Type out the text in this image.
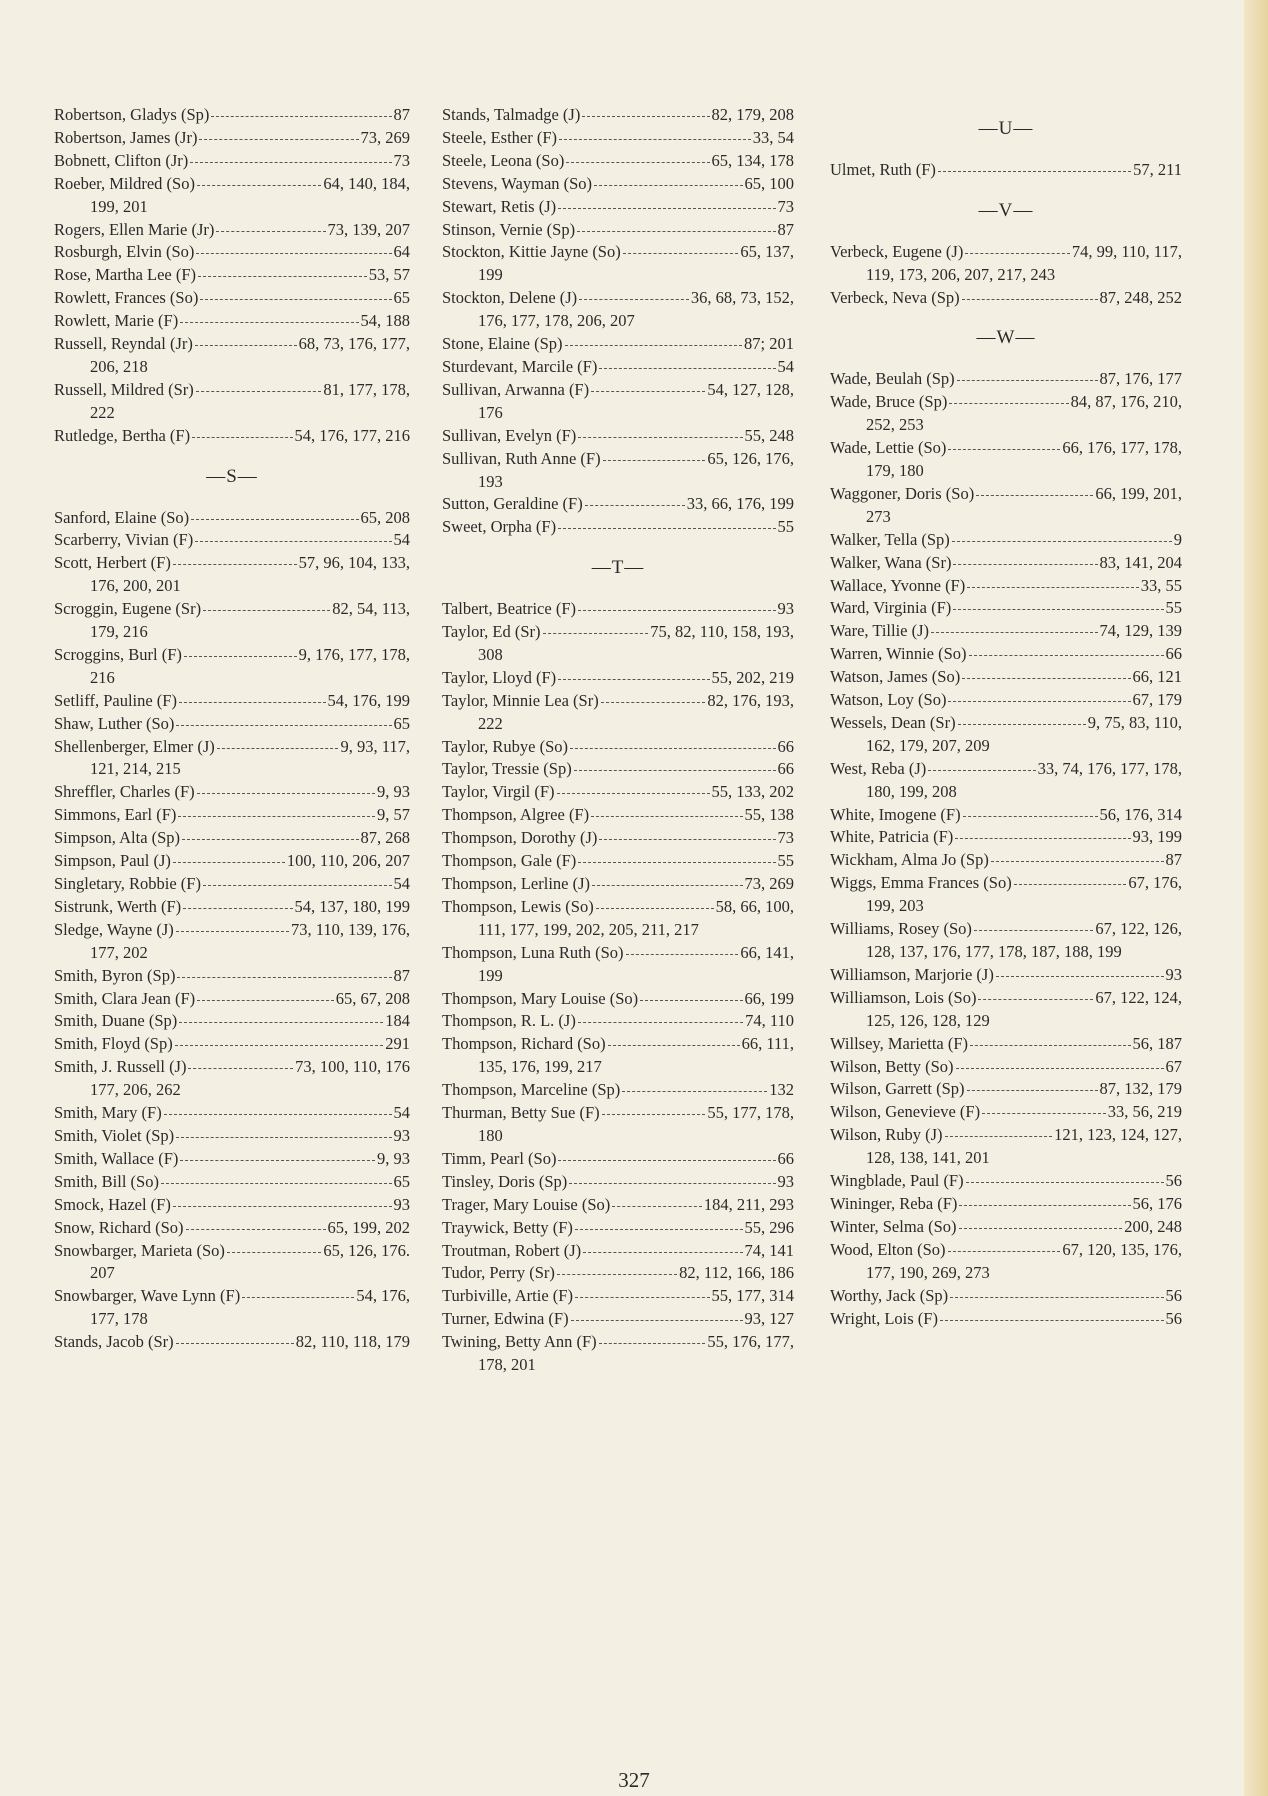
Robertson, Gladys (Sp)	87
Robertson, James (Jr)	73, 269
Bobnett, Clifton (Jr)	73
Roeber, Mildred (So)	64, 140, 184,
199, 201
Rogers, Ellen Marie (Jr)	73, 139, 207
Rosburgh, Elvin (So)	64
Rose, Martha Lee (F)	53, 57
Rowlett, Frances (So)	65
Rowlett, Marie (F)	54, 188
Russell, Reyndal (Jr)	68, 73, 176, 177,
206, 218
Russell, Mildred (Sr)	81, 177, 178,
222
Rutledge, Bertha (F)	54, 176, 177, 216
—S—
Sanford, Elaine (So)	65, 208
Scarberry, Vivian (F)	54
Scott, Herbert (F)	57, 96, 104, 133,
176, 200, 201
Scroggin, Eugene (Sr)	82, 54, 113,
179, 216
Scroggins, Burl (F)	9, 176, 177, 178,
216
Setliff, Pauline (F)	54, 176, 199
Shaw, Luther (So)	65
Shellenberger, Elmer (J)	9, 93, 117,
121, 214, 215
Shreffler, Charles (F)	9, 93
Simmons, Earl (F)	9, 57
Simpson, Alta (Sp)	87, 268
Simpson, Paul (J)	100, 110, 206, 207
Singletary, Robbie (F)	54
Sistrunk, Werth (F)	54, 137, 180, 199
Sledge, Wayne (J)	73, 110, 139, 176,
177, 202
Smith, Byron (Sp)	87
Smith, Clara Jean (F)	65, 67, 208
Smith, Duane (Sp)	184
Smith, Floyd (Sp)	291
Smith, J. Russell (J)	73, 100, 110, 176
177, 206, 262
Smith, Mary (F)	54
Smith, Violet (Sp)	93
Smith, Wallace (F)	9, 93
Smith, Bill (So)	65
Smock, Hazel (F)	93
Snow, Richard (So)	65, 199, 202
Snowbarger, Marieta (So)	65, 126, 176.
207
Snowbarger, Wave Lynn (F)	54, 176,
177, 178
Stands, Jacob (Sr)	82, 110, 118, 179
Stands, Talmadge (J)	82, 179, 208
Steele, Esther (F)	33, 54
Steele, Leona (So)	65, 134, 178
Stevens, Wayman (So)	65, 100
Stewart, Retis (J)	73
Stinson, Vernie (Sp)	87
Stockton, Kittie Jayne (So)	65, 137,
199
Stockton, Delene (J)	36, 68, 73, 152,
176, 177, 178, 206, 207
Stone, Elaine (Sp)	87; 201
Sturdevant, Marcile (F)	54
Sullivan, Arwanna (F)	54, 127, 128,
176
Sullivan, Evelyn (F)	55, 248
Sullivan, Ruth Anne (F)	65, 126, 176,
193
Sutton, Geraldine (F)	33, 66, 176, 199
Sweet, Orpha (F)	55
—T—
Talbert, Beatrice (F)	93
Taylor, Ed (Sr)	75, 82, 110, 158, 193,
308
Taylor, Lloyd (F)	55, 202, 219
Taylor, Minnie Lea (Sr)	82, 176, 193,
222
Taylor, Rubye (So)	66
Taylor, Tressie (Sp)	66
Taylor, Virgil (F)	55, 133, 202
Thompson, Algree (F)	55, 138
Thompson, Dorothy (J)	73
Thompson, Gale (F)	55
Thompson, Lerline (J)	73, 269
Thompson, Lewis (So)	58, 66, 100,
111, 177, 199, 202, 205, 211, 217
Thompson, Luna Ruth (So)	66, 141,
199
Thompson, Mary Louise (So)	66, 199
Thompson, R. L. (J)	74, 110
Thompson, Richard (So)	66, 111,
135, 176, 199, 217
Thompson, Marceline (Sp)	132
Thurman, Betty Sue (F)	55, 177, 178,
180
Timm, Pearl (So)	66
Tinsley, Doris (Sp)	93
Trager, Mary Louise (So)	184, 211, 293
Traywick, Betty (F)	55, 296
Troutman, Robert (J)	74, 141
Tudor, Perry (Sr)	82, 112, 166, 186
Turbiville, Artie (F)	55, 177, 314
Turner, Edwina (F)	93, 127
Twining, Betty Ann (F)	55, 176, 177,
178, 201
—U—
Ulmet, Ruth (F)	57, 211
—V—
Verbeck, Eugene (J)	74, 99, 110, 117,
119, 173, 206, 207, 217, 243
Verbeck, Neva (Sp)	87, 248, 252
—W—
Wade, Beulah (Sp)	87, 176, 177
Wade, Bruce (Sp)	84, 87, 176, 210,
252, 253
Wade, Lettie (So)	66, 176, 177, 178,
179, 180
Waggoner, Doris (So)	66, 199, 201,
273
Walker, Tella (Sp)	9
Walker, Wana (Sr)	83, 141, 204
Wallace, Yvonne (F)	33, 55
Ward, Virginia (F)	55
Ware, Tillie (J)	74, 129, 139
Warren, Winnie (So)	66
Watson, James (So)	66, 121
Watson, Loy (So)	67, 179
Wessels, Dean (Sr)	9, 75, 83, 110,
162, 179, 207, 209
West, Reba (J)	33, 74, 176, 177, 178,
180, 199, 208
White, Imogene (F)	56, 176, 314
White, Patricia (F)	93, 199
Wickham, Alma Jo (Sp)	87
Wiggs, Emma Frances (So)	67, 176,
199, 203
Williams, Rosey (So)	67, 122, 126,
128, 137, 176, 177, 178, 187, 188, 199
Williamson, Marjorie (J)	93
Williamson, Lois (So)	67, 122, 124,
125, 126, 128, 129
Willsey, Marietta (F)	56, 187
Wilson, Betty (So)	67
Wilson, Garrett (Sp)	87, 132, 179
Wilson, Genevieve (F)	33, 56, 219
Wilson, Ruby (J)	121, 123, 124, 127,
128, 138, 141, 201
Wingblade, Paul (F)	56
Wininger, Reba (F)	56, 176
Winter, Selma (So)	200, 248
Wood, Elton (So)	67, 120, 135, 176,
177, 190, 269, 273
Worthy, Jack (Sp)	56
Wright, Lois (F)	56
327
